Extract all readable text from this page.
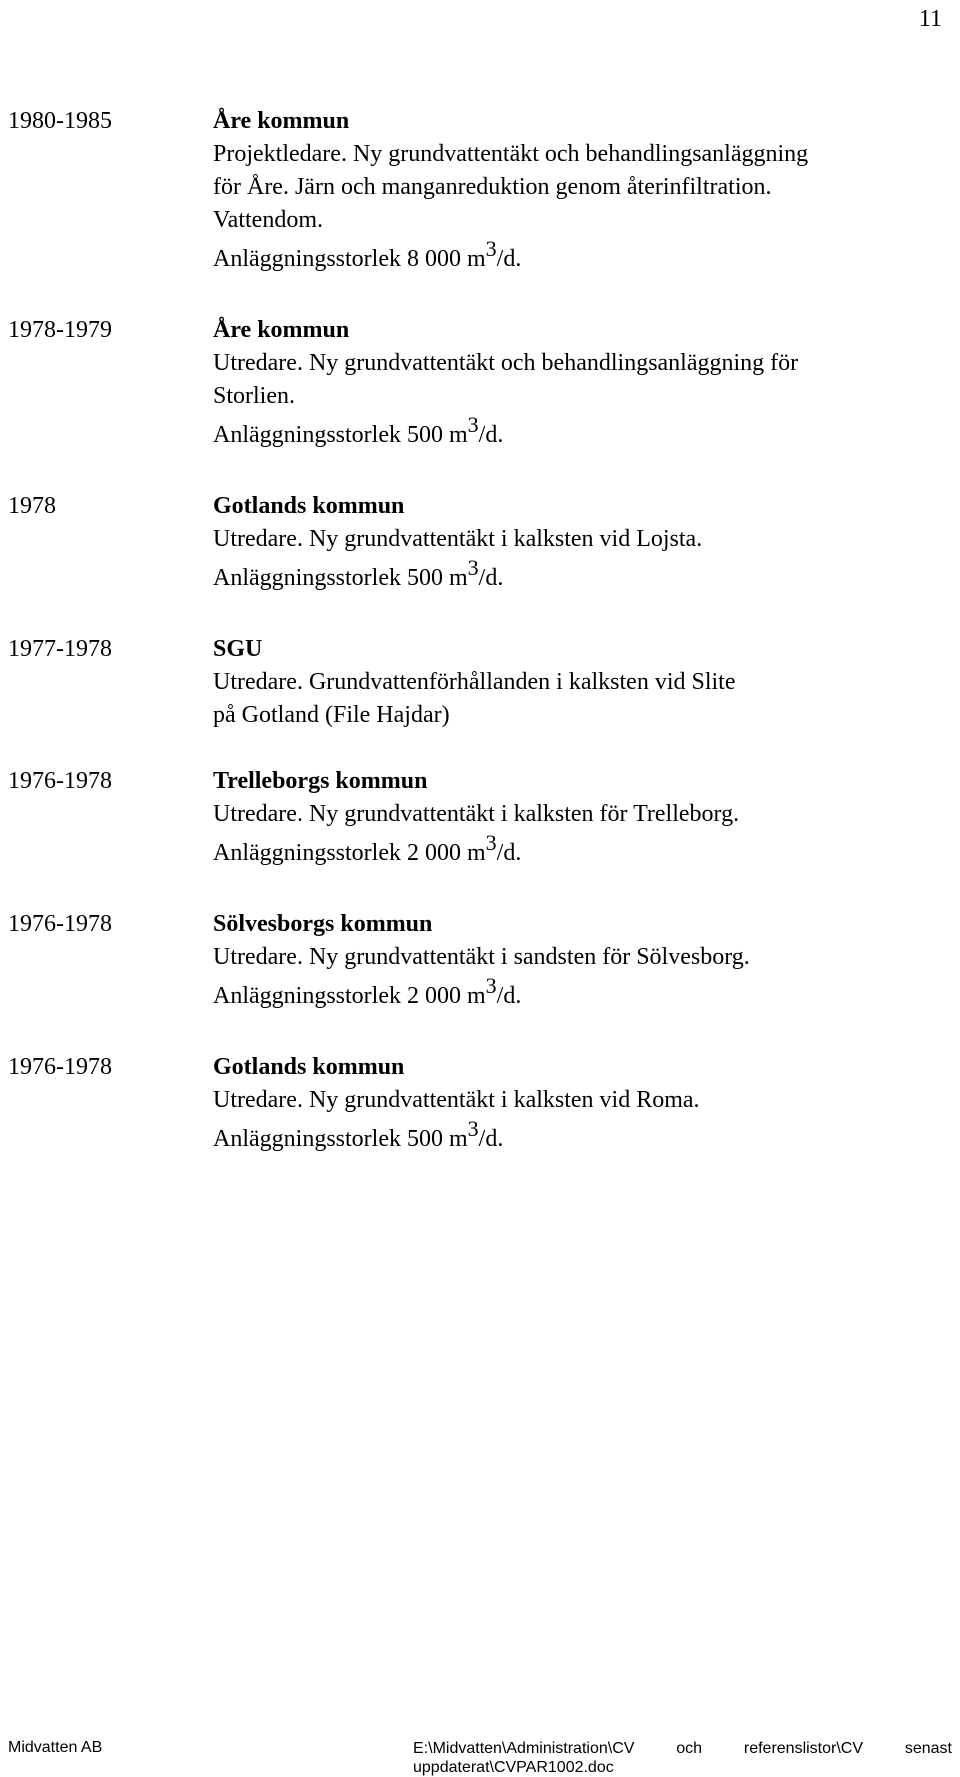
11
1980-1985	Åre kommun
Projektledare. Ny grundvattentäkt och behandlingsanläggning
för Åre. Järn och manganreduktion genom återinfiltration.
Vattendom.
Anläggningsstorlek 8 000 $m^3/d$.
1978-1979	Åre kommun
Utredare. Ny grundvattentäkt och behandlingsanläggning för
Storlien.
Anläggningsstorlek 500 $m^3/d$.
1978	Gotlands kommun
Utredare. Ny grundvattentäkt i kalksten vid Lojsta.
Anläggningsstorlek 500 $m^3/d$.
1977-1978	SGU
Utredare. Grundvattenförhållanden i kalksten vid Slite
på Gotland (File Hajdar)
1976-1978	Trelleborgs kommun
Utredare. Ny grundvattentäkt i kalksten för Trelleborg.
Anläggningsstorlek 2 000 $m^3/d$.
1976-1978	Sölvesborgs kommun
Utredare. Ny grundvattentäkt i sandsten för Sölvesborg.
Anläggningsstorlek 2 000 $m^3/d$.
1976-1978	Gotlands kommun
Utredare. Ny grundvattentäkt i kalksten vid Roma.
Anläggningsstorlek 500 $m^3/d$.
Midvatten AB	E:\Midvatten\Administration\CV och referenslistor\CV senast
uppdaterat\CVPAR1002.doc
